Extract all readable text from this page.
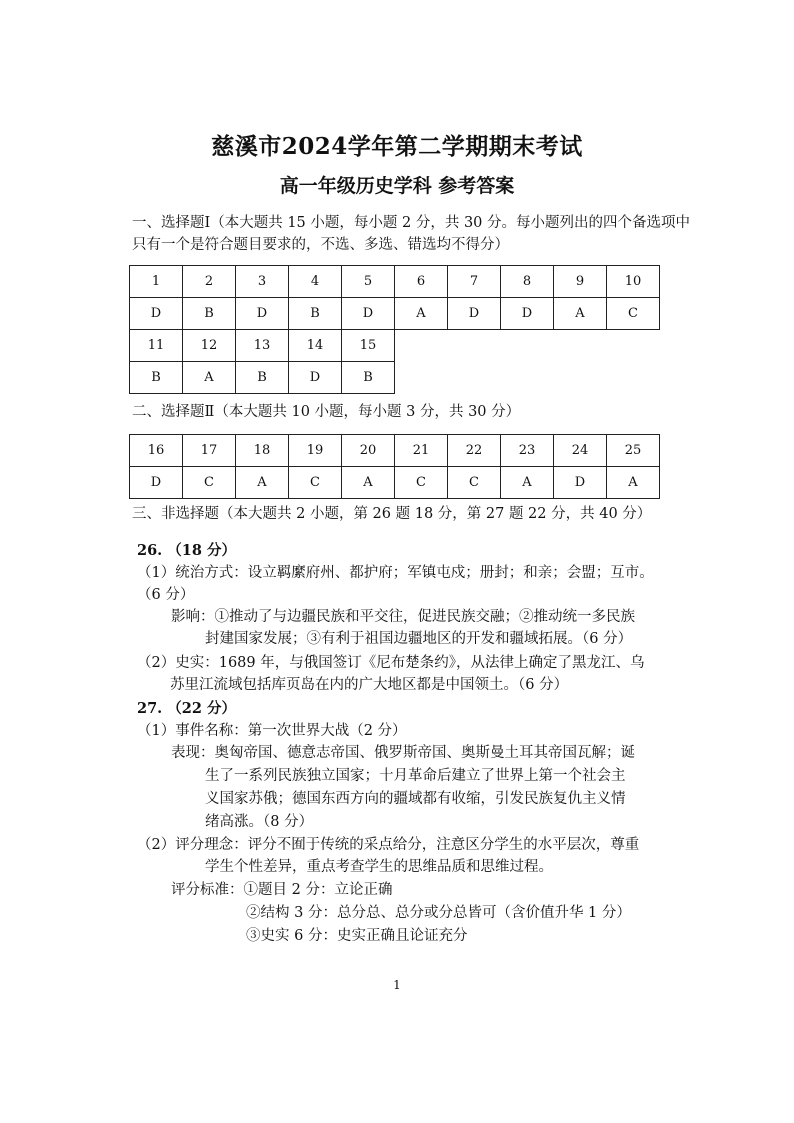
慈溪市2024学年第二学期期末考试
高一年级历史学科 参考答案
一、选择题Ⅰ（本大题共 15 小题，每小题 2 分，共 30 分。每小题列出的四个备选项中
只有一个是符合题目要求的，不选、多选、错选均不得分）
1	2	3	4	5	6	7	8	9	10
D	B	D	B	D	A	D	D	A	C
11	12	13	14	15					
B	A	B	D	B					
二、选择题Ⅱ（本大题共 10 小题，每小题 3 分，共 30 分）
16	17	18	19	20	21	22	23	24	25
D	C	A	C	A	C	C	A	D	A
三、非选择题（本大题共 2 小题，第 26 题 18 分，第 27 题 22 分，共 40 分）
26. （18 分）
（1）统治方式：设立羁縻府州、都护府；军镇屯戍；册封；和亲；会盟；互市。
（6 分）
影响：①推动了与边疆民族和平交往，促进民族交融；②推动统一多民族
封建国家发展；③有利于祖国边疆地区的开发和疆域拓展。（6 分）
（2）史实：1689 年，与俄国签订《尼布楚条约》，从法律上确定了黑龙江、乌
苏里江流域包括库页岛在内的广大地区都是中国领土。（6 分）
27. （22 分）
（1）事件名称：第一次世界大战（2 分）
表现：奥匈帝国、德意志帝国、俄罗斯帝国、奥斯曼土耳其帝国瓦解；诞
生了一系列民族独立国家；十月革命后建立了世界上第一个社会主
义国家苏俄；德国东西方向的疆域都有收缩，引发民族复仇主义情
绪高涨。（8 分）
（2）评分理念：评分不囿于传统的采点给分，注意区分学生的水平层次，尊重
学生个性差异，重点考查学生的思维品质和思维过程。
评分标准：①题目 2 分：立论正确
②结构 3 分：总分总、总分或分总皆可（含价值升华 1 分）
③史实 6 分：史实正确且论证充分
1
